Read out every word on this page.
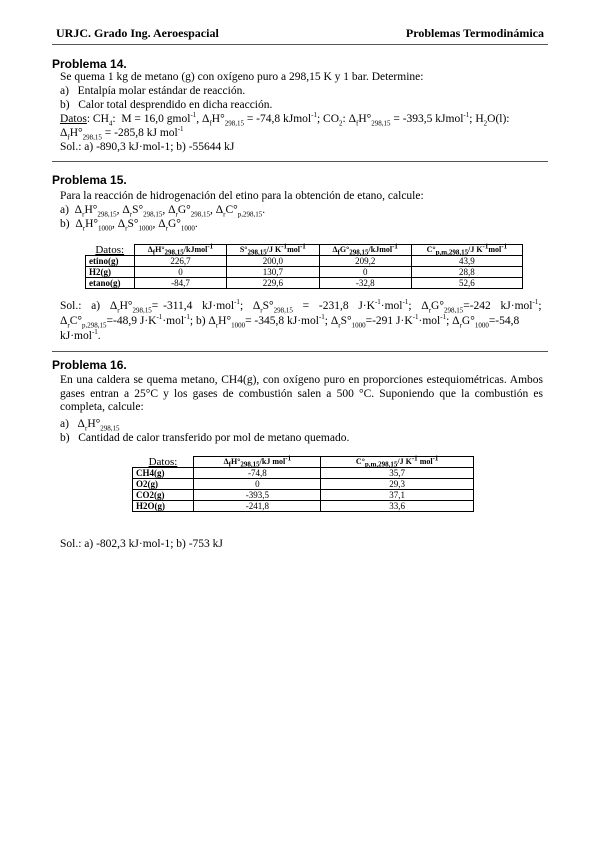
URJC. Grado Ing. Aeroespacial	Problemas Termodinámica
Problema 14.
Se quema 1 kg de metano (g) con oxígeno puro a 298,15 K y 1 bar. Determine:
a)   Entalpía molar estándar de reacción.
b)   Calor total desprendido en dicha reacción.
Datos: $CH_4$:  M = 16,0 gmol$^{-1}$, $\Delta_fH^\circ_{298,15} = -74,8$ kJmol$^{-1}$; $CO_2$: $\Delta_fH^\circ_{298,15} = -393,5$ kJmol$^{-1}$; $H_2O(l)$:
$\Delta_fH^\circ_{298,15} = -285,8$ kJ mol$^{-1}$
Sol.: a) -890,3 kJ·mol-1; b) -55644 kJ
Problema 15.
Para la reacción de hidrogenación del etino para la obtención de etano, calcule:
a)  $\Delta_rH^\circ_{298,15}$, $\Delta_rS^\circ_{298,15}$, $\Delta_rG^\circ_{298,15}$, $\Delta_rC^\circ_{p,298,15}$.
b)  $\Delta_rH^\circ_{1000}$, $\Delta_rS^\circ_{1000}$, $\Delta_rG^\circ_{1000}$.
Datos:	$\Delta_fH^\circ_{298,15}/kJmol^{-1}$	$S^\circ_{298,15}/J$ $K^{-1}mol^{-1}$	$\Delta_fG^\circ_{298,15}/kJmol^{-1}$	$C^\circ_{p,m,298,15}/J$ $K^{-1}mol^{-1}$
etino(g)	226,7	200,0	209,2	43,9
H2(g)	0	130,7	0	28,8
etano(g)	-84,7	229,6	-32,8	52,6
Sol.:  a)  $\Delta_rH^\circ_{298,15}= -311,4$  kJ·mol$^{-1}$;  $\Delta_rS^\circ_{298,15} = -231,8$  $J\cdot K^{-1}\cdot mol^{-1}$;  $\Delta_rG^\circ_{298,15}=-242$  kJ·mol$^{-1}$;
$\Delta_rC^\circ_{p,298,15}=-48,9$ $J\cdot K^{-1}\cdot mol^{-1}$; b) $\Delta_rH^\circ_{1000}= -345,8$ kJ·mol$^{-1}$; $\Delta_rS^\circ_{1000}=-291$ $J\cdot K^{-1}\cdot mol^{-1}$; $\Delta_rG^\circ_{1000}=-54,8$
kJ·mol$^{-1}$.
Problema 16.
En una caldera se quema metano, CH4(g), con oxígeno puro en proporciones estequiométricas. Ambos gases entran a 25°C y los gases de combustión salen a 500 °C. Suponiendo que la combustión es completa, calcule:
a)   $\Delta_rH^\circ_{298,15}$
b)   Cantidad de calor transferido por mol de metano quemado.
Datos:	$\Delta_fH^\circ_{298,15}/kJ$ mol$^{-1}$	$C^\circ_{p,m,298,15}/J$ $K^{-1}$ mol$^{-1}$
CH4(g)	-74,8	35,7
O2(g)	0	29,3
CO2(g)	-393,5	37,1
H2O(g)	-241,8	33,6
Sol.: a) -802,3 kJ·mol-1; b) -753 kJ
